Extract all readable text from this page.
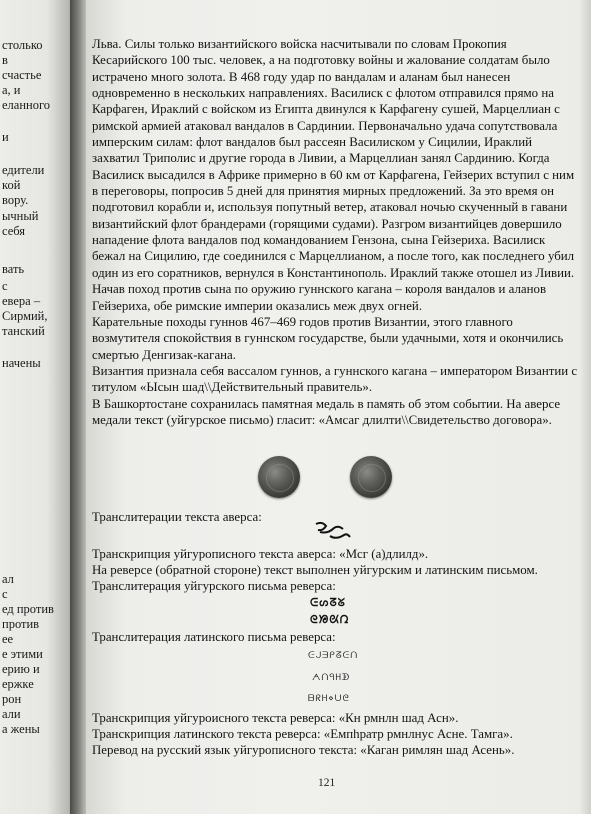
столько
в
счастье
а, и
еланного
и
едители
кой
вору.
ычный
себя
вать
с
евера –
Сирмий,
танский
начены
ал
с
ед против
против
ее
е этими
ерию и
ержке
рон
али
а жены

Льва. Силы только византийского войска насчитывали по словам Прокопия Кесарийского 100 тыс. человек, а на подготовку войны и жалование солдатам было истрачено много золота. В 468 году удар по вандалам и аланам был нанесен одновременно в нескольких направлениях. Василиск с флотом отправился прямо на Карфаген, Ираклий с войском из Египта двинулся к Карфагену сушей, Марцеллиан с римской армией атаковал вандалов в Сардинии. Первоначально удача сопутствовала имперским силам: флот вандалов был рассеян Василиском у Сицилии, Ираклий захватил Триполис и другие города в Ливии, а Марцеллиан занял Сардинию. Когда Василиск высадился в Африке примерно в 60 км от Карфагена, Гейзерих вступил с ним в переговоры, попросив 5 дней для принятия мирных предложений. За это время он подготовил корабли и, используя попутный ветер, атаковал ночью скученный в гавани византийский флот брандерами (горящими судами). Разгром византийцев довершило нападение флота вандалов под командованием Гензона, сына Гейзериха. Василиск бежал на Сицилию, где соединился с Марцеллианом, а после того, как последнего убил один из его соратников, вернулся в Константинополь. Ираклий также отошел из Ливии. Начав поход против сына по оружию гуннского кагана – короля вандалов и аланов Гейзериха, обе римские империи оказались меж двух огней.

Карательные походы гуннов 467–469 годов против Византии, этого главного возмутителя спокойствия в гуннском государстве, были удачными, хотя и окончились смертью Денгизак-кагана.

Византия признала себя вассалом гуннов, а гуннского кагана – императором Византии с титулом «Ысын шад\\Действительный правитель».

В Башкортостане сохранилась памятная медаль в память об этом событии. На аверсе медали текст (уйгурское письмо) гласит: «Амсаг длилти\\Свидетельство договора».

Транслитерации текста аверса:
Транскрипция уйгурописного текста аверса: «Мсг (а)длилд».
На реверсе (обратной стороне) текст выполнен уйгурским и латинским письмом.
Транслитерация уйгурского письма реверса:
ᕮᔕᘔᘜ
ᘓᘠᘡᘣ
Транслитерация латинского письма реверса:
ᕮᒍᗱᑭᘔᕮᑎ
ᗅᑎᑫᕼᗫ
ᗷᖇᕼ⋄ᑌᘓ
Транскрипция уйгуроисного текста реверса: «Кн рмнлн шад Асн».
Транскрипция латинского текста реверса: «Емпhратр рмнлнус Асне. Тамга».
Перевод на русский язык уйгурописного текста: «Каган римлян шад Асень».
121
